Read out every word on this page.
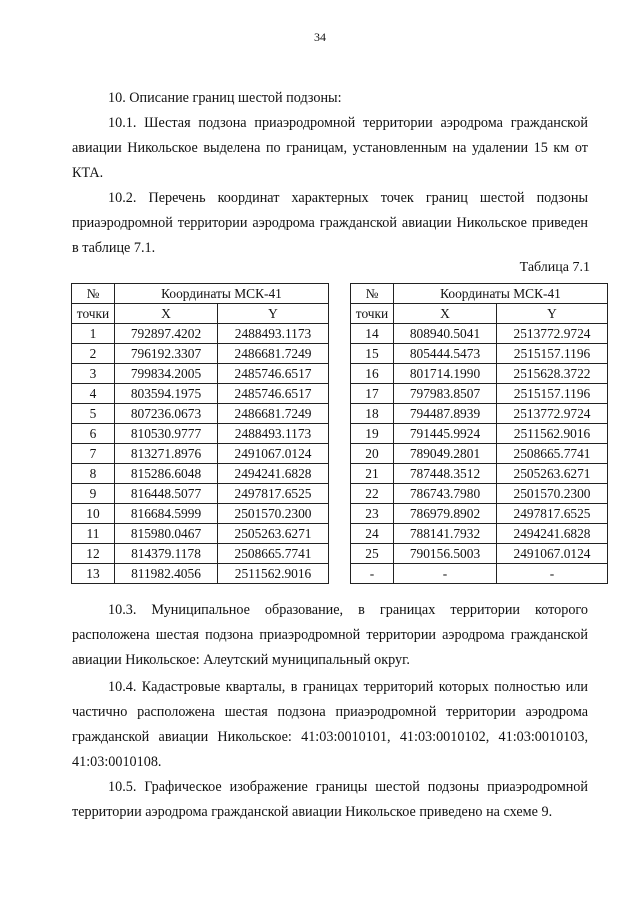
34

10. Описание границ шестой подзоны:

10.1. Шестая подзона приаэродромной территории аэродрома гражданской авиации Никольское выделена по границам, установленным на удалении 15 км от КТА.

10.2. Перечень координат характерных точек границ шестой подзоны приаэродромной территории аэродрома гражданской авиации Никольское приведен в таблице 7.1.

Таблица 7.1
№	Координаты МСК-41	
точки	X	Y
1	792897.4202	2488493.1173
2	796192.3307	2486681.7249
3	799834.2005	2485746.6517
4	803594.1975	2485746.6517
5	807236.0673	2486681.7249
6	810530.9777	2488493.1173
7	813271.8976	2491067.0124
8	815286.6048	2494241.6828
9	816448.5077	2497817.6525
10	816684.5999	2501570.2300
11	815980.0467	2505263.6271
12	814379.1178	2508665.7741
13	811982.4056	2511562.9016
№	Координаты МСК-41	
точки	X	Y
14	808940.5041	2513772.9724
15	805444.5473	2515157.1196
16	801714.1990	2515628.3722
17	797983.8507	2515157.1196
18	794487.8939	2513772.9724
19	791445.9924	2511562.9016
20	789049.2801	2508665.7741
21	787448.3512	2505263.6271
22	786743.7980	2501570.2300
23	786979.8902	2497817.6525
24	788141.7932	2494241.6828
25	790156.5003	2491067.0124
-	-	-

10.3. Муниципальное образование, в границах территории которого расположена шестая подзона приаэродромной территории аэродрома гражданской авиации Никольское: Алеутский муниципальный округ.

10.4. Кадастровые кварталы, в границах территорий которых полностью или частично расположена шестая подзона приаэродромной территории аэродрома гражданской авиации Никольское: 41:03:0010101, 41:03:0010102, 41:03:0010103, 41:03:0010108.

10.5. Графическое изображение границы шестой подзоны приаэродромной территории аэродрома гражданской авиации Никольское приведено на схеме 9.
